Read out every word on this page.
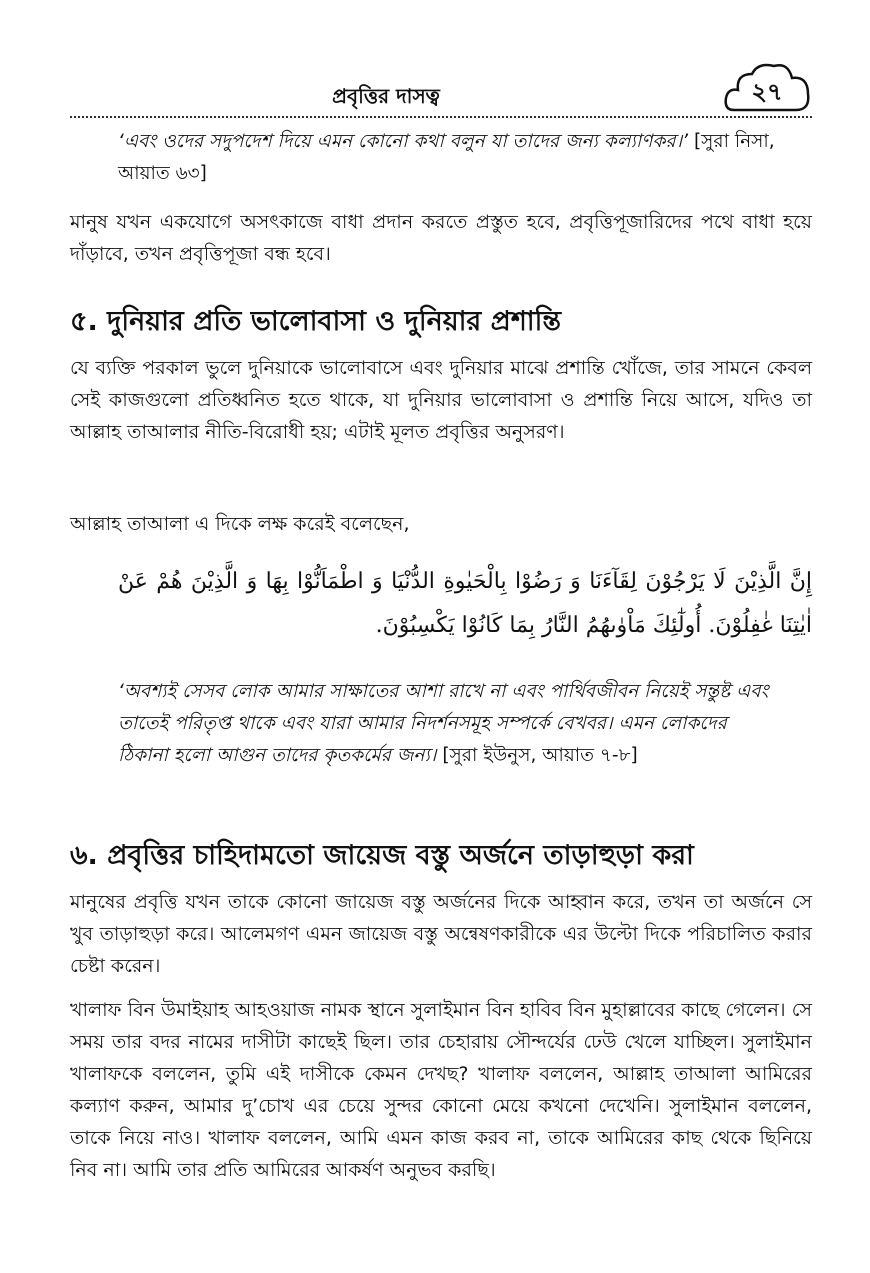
প্রবৃত্তির দাসত্ব	২৭
‘এবং ওদের সদুপদেশ দিয়ে এমন কোনো কথা বলুন যা তাদের জন্য কল্যাণকর।’ [সুরা নিসা, আয়াত ৬৩]
মানুষ যখন একযোগে অসৎকাজে বাধা প্রদান করতে প্রস্তুত হবে, প্রবৃত্তিপূজারিদের পথে বাধা হয়ে দাঁড়াবে, তখন প্রবৃত্তিপূজা বন্ধ হবে।
৫. দুনিয়ার প্রতি ভালোবাসা ও দুনিয়ার প্রশান্তি
যে ব্যক্তি পরকাল ভুলে দুনিয়াকে ভালোবাসে এবং দুনিয়ার মাঝে প্রশান্তি খোঁজে, তার সামনে কেবল সেই কাজগুলো প্রতিধ্বনিত হতে থাকে, যা দুনিয়ার ভালোবাসা ও প্রশান্তি নিয়ে আসে, যদিও তা আল্লাহ তাআলার নীতি-বিরোধী হয়; এটাই মূলত প্রবৃত্তির অনুসরণ।
আল্লাহ তাআলা এ দিকে লক্ষ করেই বলেছেন,
إِنَّ الَّذِيْنَ لَا يَرْجُوْنَ لِقَآءَنَا وَ رَضُوْا بِالْحَيٰوةِ الدُّنْيَا وَ اطْمَاَنُّوْا بِهَا وَ الَّذِيْنَ هُمْ عَنْ اٰيٰتِنَا غٰفِلُوْنَ. أُولٰٓئِكَ مَاْوٰىهُمُ النَّارُ بِمَا كَانُوْا يَكْسِبُوْنَ.
‘অবশ্যই সেসব লোক আমার সাক্ষাতের আশা রাখে না এবং পার্থিবজীবন নিয়েই সন্তুষ্ট এবং তাতেই পরিতৃপ্ত থাকে এবং যারা আমার নিদর্শনসমূহ সম্পর্কে বেখবর। এমন লোকদের ঠিকানা হলো আগুন তাদের কৃতকর্মের জন্য। [সুরা ইউনুস, আয়াত ৭-৮]
৬. প্রবৃত্তির চাহিদামতো জায়েজ বস্তু অর্জনে তাড়াহুড়া করা
মানুষের প্রবৃত্তি যখন তাকে কোনো জায়েজ বস্তু অর্জনের দিকে আহ্বান করে, তখন তা অর্জনে সে খুব তাড়াহুড়া করে। আলেমগণ এমন জায়েজ বস্তু অন্বেষণকারীকে এর উল্টো দিকে পরিচালিত করার চেষ্টা করেন।
খালাফ বিন উমাইয়াহ আহওয়াজ নামক স্থানে সুলাইমান বিন হাবিব বিন মুহাল্লাবের কাছে গেলেন। সে সময় তার বদর নামের দাসীটা কাছেই ছিল। তার চেহারায় সৌন্দর্যের ঢেউ খেলে যাচ্ছিল। সুলাইমান খালাফকে বললেন, তুমি এই দাসীকে কেমন দেখছ? খালাফ বললেন, আল্লাহ তাআলা আমিরের কল্যাণ করুন, আমার দু’চোখ এর চেয়ে সুন্দর কোনো মেয়ে কখনো দেখেনি। সুলাইমান বললেন, তাকে নিয়ে নাও। খালাফ বললেন, আমি এমন কাজ করব না, তাকে আমিরের কাছ থেকে ছিনিয়ে নিব না। আমি তার প্রতি আমিরের আকর্ষণ অনুভব করছি।
